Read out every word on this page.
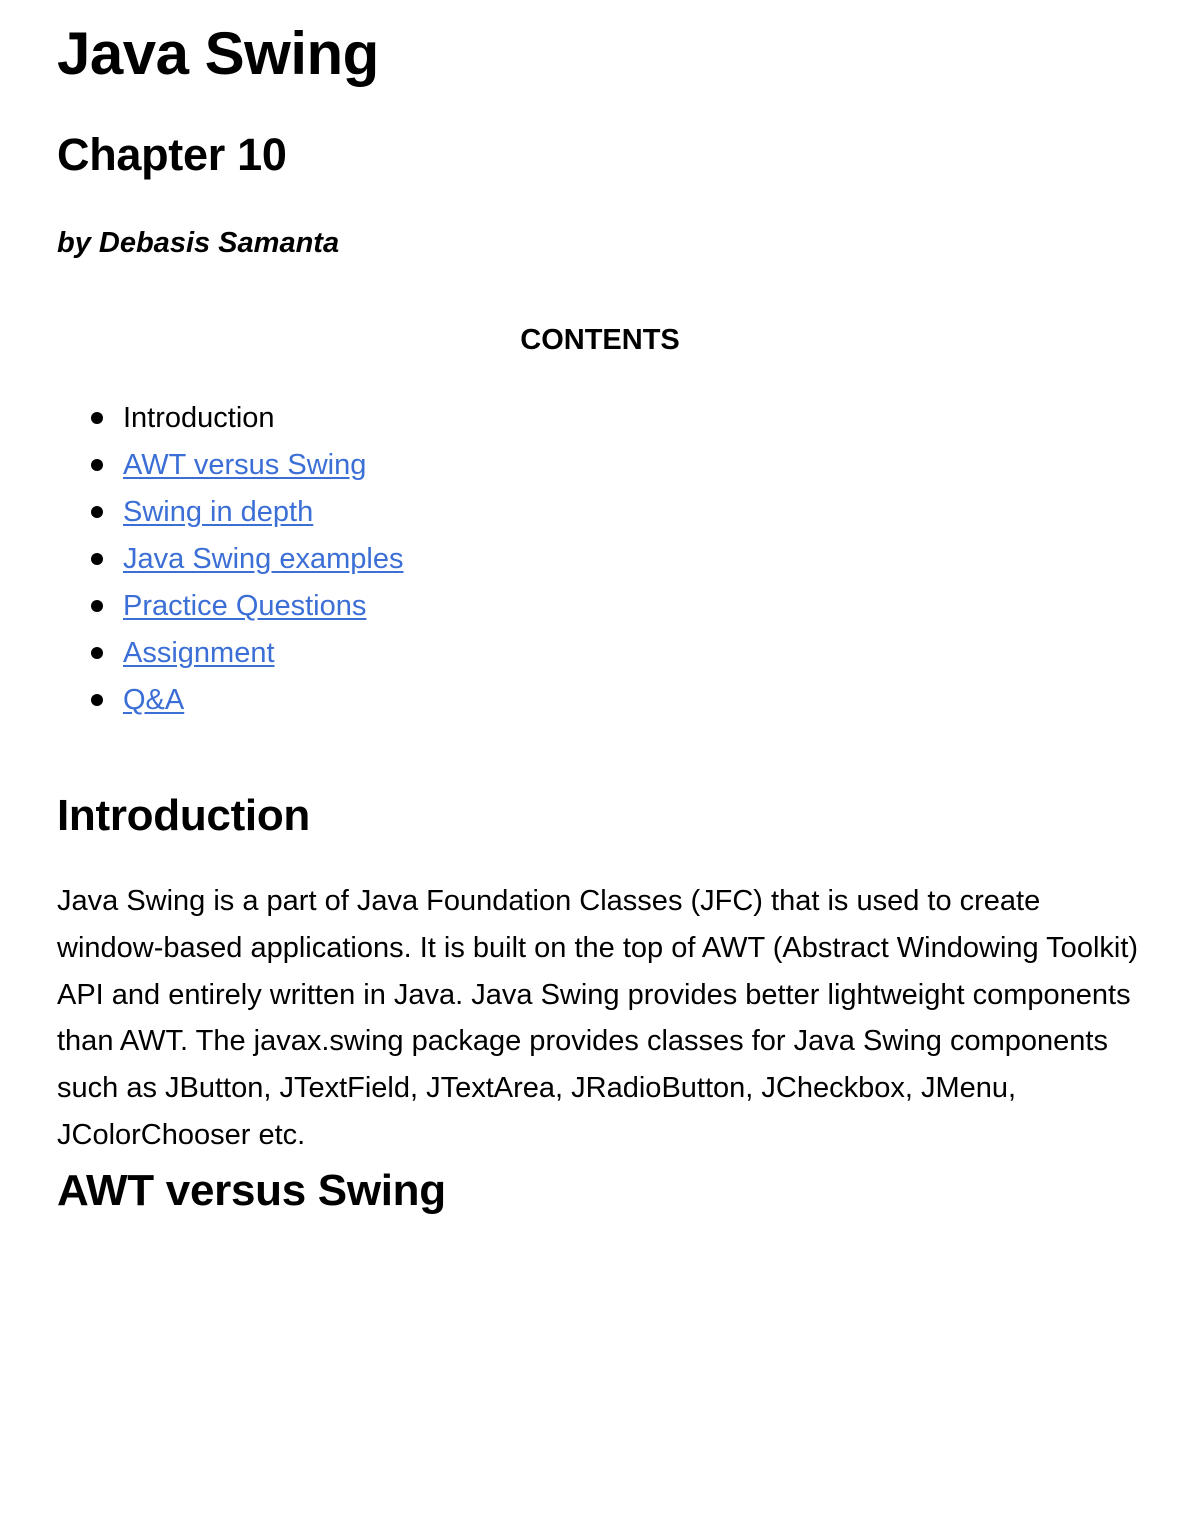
Java Swing
Chapter 10

by Debasis Samanta

CONTENTS

Introduction
AWT versus Swing
Swing in depth
Java Swing examples
Practice Questions
Assignment
Q&A
Introduction

Java Swing is a part of Java Foundation Classes (JFC) that is used to create window-based applications. It is built on the top of AWT (Abstract Windowing Toolkit) API and entirely written in Java. Java Swing provides better lightweight components than AWT. The javax.swing package provides classes for Java Swing components such as JButton, JTextField, JTextArea, JRadioButton, JCheckbox, JMenu, JColorChooser etc.

AWT versus Swing
